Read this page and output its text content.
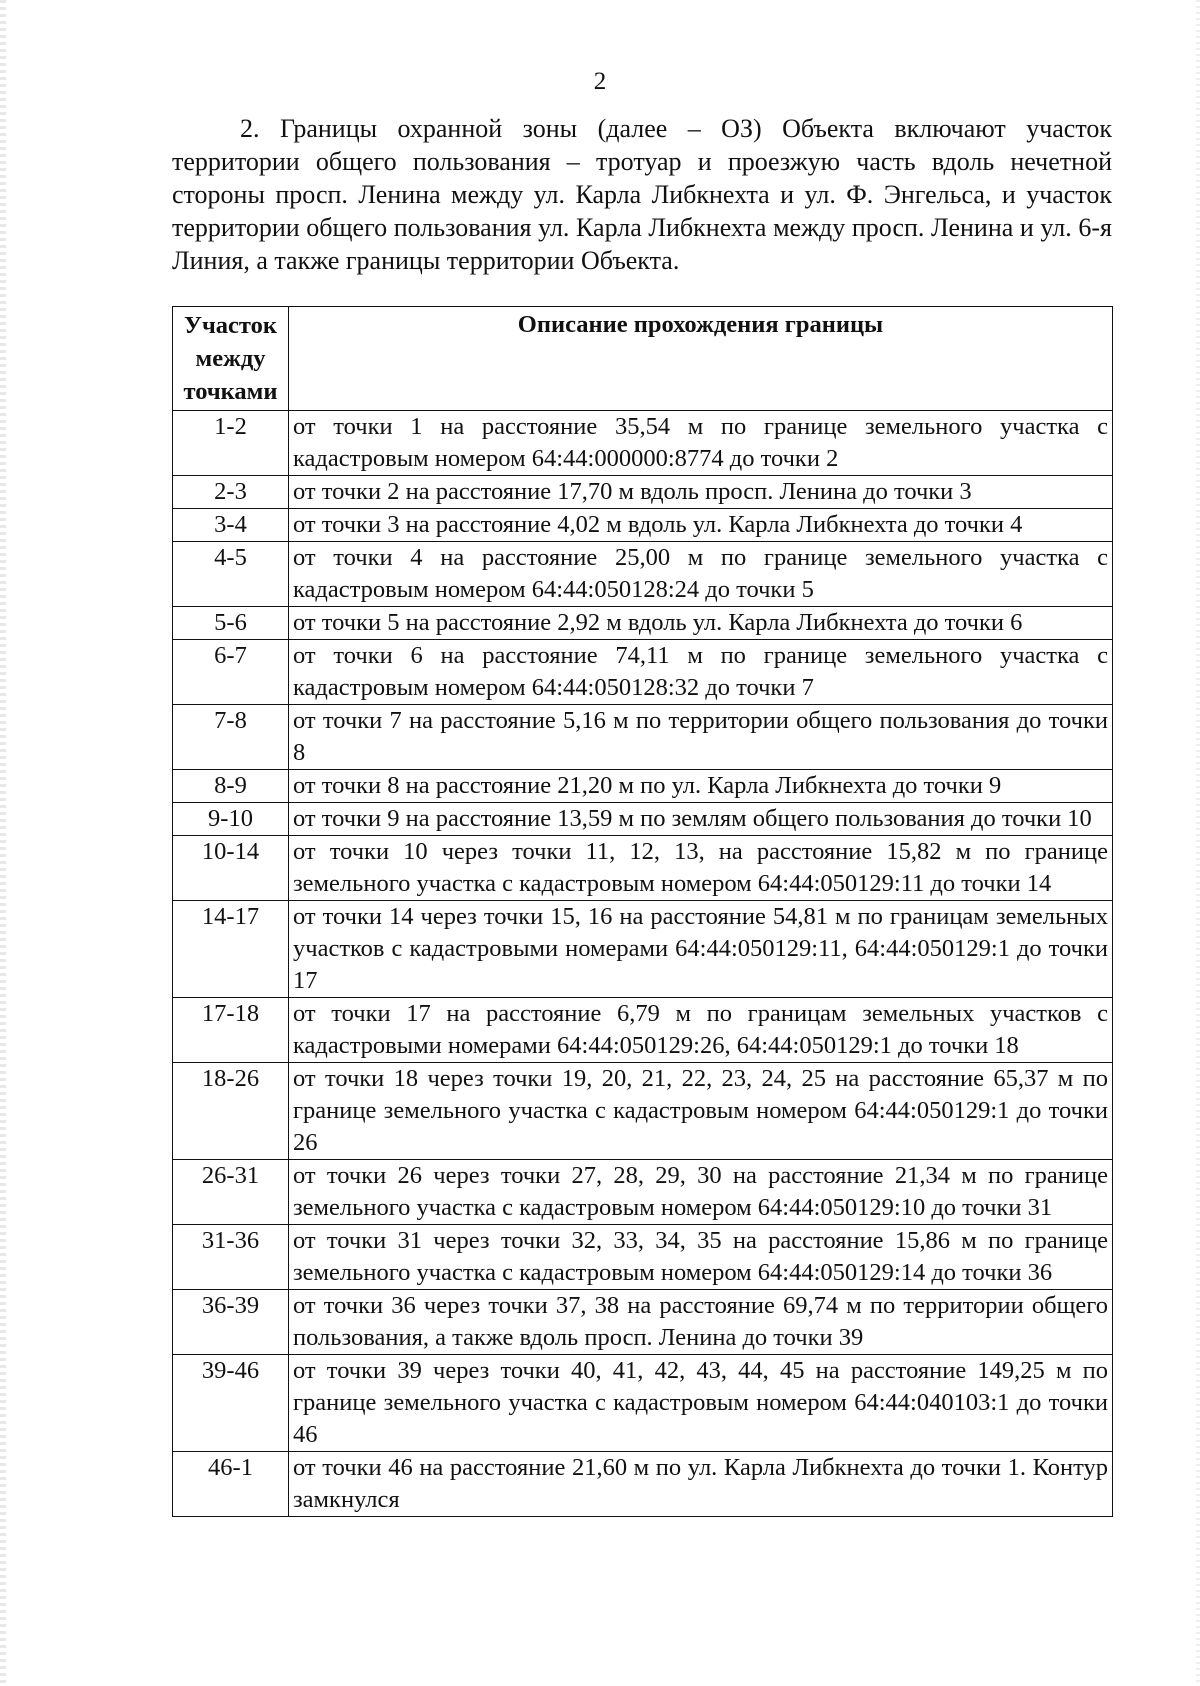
2

2. Границы охранной зоны (далее – ОЗ) Объекта включают участок территории общего пользования – тротуар и проезжую часть вдоль нечетной стороны просп. Ленина между ул. Карла Либкнехта и ул. Ф. Энгельса, и участок территории общего пользования ул. Карла Либкнехта между просп. Ленина и ул. 6-я Линия, а также границы территории Объекта.

Участок между точками	Описание прохождения границы
1-2	от точки 1 на расстояние 35,54 м по границе земельного участка с кадастровым номером 64:44:000000:8774 до точки 2
2-3	от точки 2 на расстояние 17,70 м вдоль просп. Ленина до точки 3
3-4	от точки 3 на расстояние 4,02 м вдоль ул. Карла Либкнехта до точки 4
4-5	от точки 4 на расстояние 25,00 м по границе земельного участка с кадастровым номером 64:44:050128:24 до точки 5
5-6	от точки 5 на расстояние 2,92 м вдоль ул. Карла Либкнехта до точки 6
6-7	от точки 6 на расстояние 74,11 м по границе земельного участка с кадастровым номером 64:44:050128:32 до точки 7
7-8	от точки 7 на расстояние 5,16 м по территории общего пользования до точки 8
8-9	от точки 8 на расстояние 21,20 м по ул. Карла Либкнехта до точки 9
9-10	от точки 9 на расстояние 13,59 м по землям общего пользования до точки 10
10-14	от точки 10 через точки 11, 12, 13, на расстояние 15,82 м по границе земельного участка с кадастровым номером 64:44:050129:11 до точки 14
14-17	от точки 14 через точки 15, 16 на расстояние 54,81 м по границам земельных участков с кадастровыми номерами 64:44:050129:11, 64:44:050129:1 до точки 17
17-18	от точки 17 на расстояние 6,79 м по границам земельных участков с кадастровыми номерами 64:44:050129:26, 64:44:050129:1 до точки 18
18-26	от точки 18 через точки 19, 20, 21, 22, 23, 24, 25 на расстояние 65,37 м по границе земельного участка с кадастровым номером 64:44:050129:1 до точки 26
26-31	от точки 26 через точки 27, 28, 29, 30 на расстояние 21,34 м по границе земельного участка с кадастровым номером 64:44:050129:10 до точки 31
31-36	от точки 31 через точки 32, 33, 34, 35 на расстояние 15,86 м по границе земельного участка с кадастровым номером 64:44:050129:14 до точки 36
36-39	от точки 36 через точки 37, 38 на расстояние 69,74 м по территории общего пользования, а также вдоль просп. Ленина до точки 39
39-46	от точки 39 через точки 40, 41, 42, 43, 44, 45 на расстояние 149,25 м по границе земельного участка с кадастровым номером 64:44:040103:1 до точки 46
46-1	от точки 46 на расстояние 21,60 м по ул. Карла Либкнехта до точки 1. Контур замкнулся
